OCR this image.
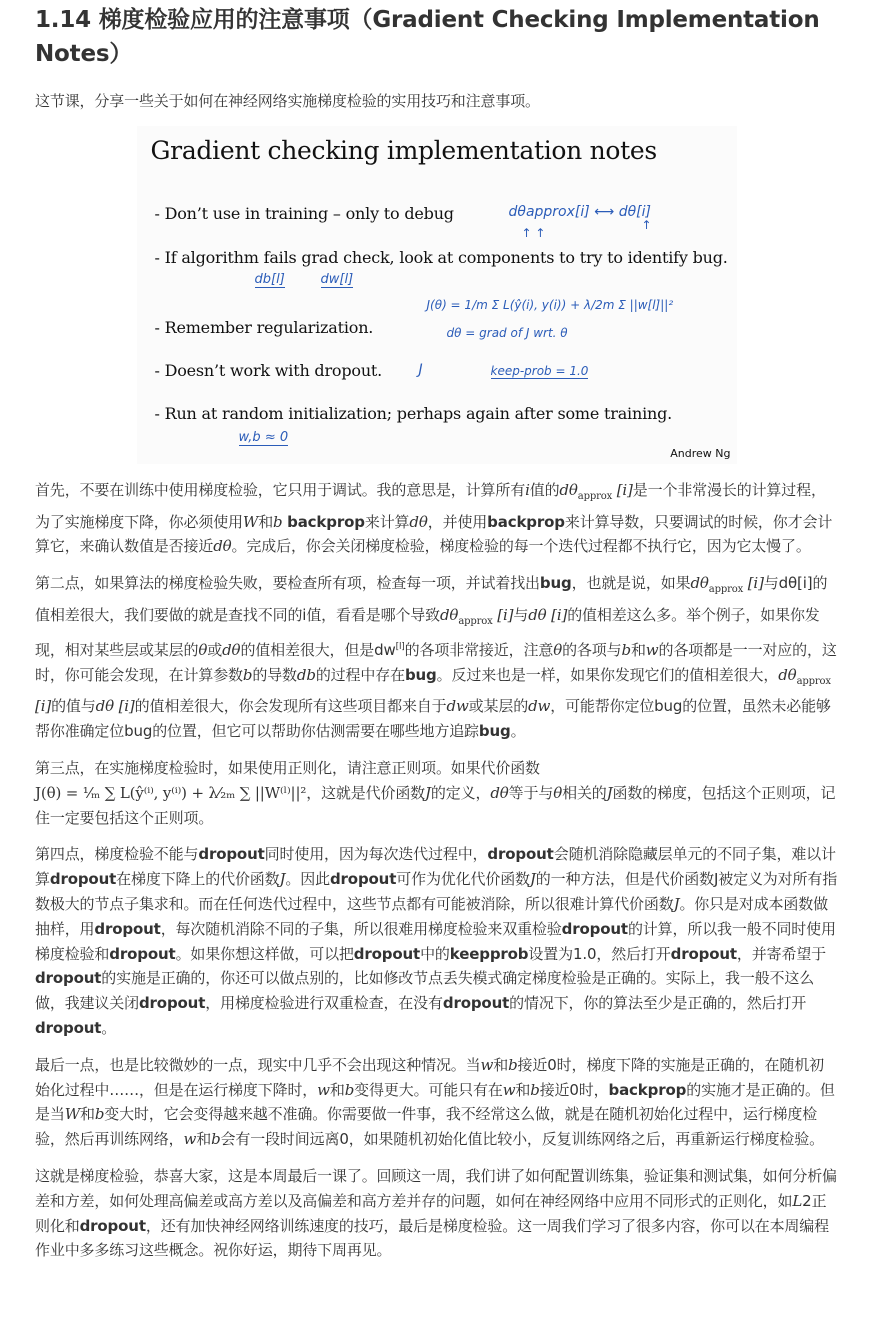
1.14 梯度检验应用的注意事项（Gradient Checking Implementation Notes）

这节课，分享一些关于如何在神经网络实施梯度检验的实用技巧和注意事项。

Gradient checking implementation notes
- Don’t use in training – only to debug
- If algorithm fails grad check, look at components to try to identify bug.
- Remember regularization.
- Doesn’t work with dropout.
- Run at random initialization; perhaps again after some training.
dθapprox[i] ⟷ dθ[i]
↑ ↑
↑
db[l]	dw[l]
J(θ) = 1/m Σ L(ŷ(i), y(i)) + λ/2m Σ ||w[l]||²
dθ = grad of J wrt. θ
J	keep-prob = 1.0
w,b ≈ 0
Andrew Ng

首先，不要在训练中使用梯度检验，它只用于调试。我的意思是，计算所有i值的$d\theta_{approx}$ [i]是一个非常漫长的计算过程，为了实施梯度下降，你必须使用W和b backprop来计算dθ，并使用backprop来计算导数，只要调试的时候，你才会计算它，来确认数值是否接近dθ。完成后，你会关闭梯度检验，梯度检验的每一个迭代过程都不执行它，因为它太慢了。

第二点，如果算法的梯度检验失败，要检查所有项，检查每一项，并试着找出bug，也就是说，如果$d\theta_{approx}$ [i]与dθ[i]的值相差很大，我们要做的就是查找不同的i值，看看是哪个导致$d\theta_{approx}$ [i]与dθ [i]的值相差这么多。举个例子，如果你发现，相对某些层或某层的θ或dθ的值相差很大，但是dw[l]的各项非常接近，注意θ的各项与b和w的各项都是一一对应的，这时，你可能会发现，在计算参数b的导数db的过程中存在bug。反过来也是一样，如果你发现它们的值相差很大，$d\theta_{approx}$ [i]的值与dθ [i]的值相差很大，你会发现所有这些项目都来自于dw或某层的dw，可能帮你定位bug的位置，虽然未必能够帮你准确定位bug的位置，但它可以帮助你估测需要在哪些地方追踪bug。

第三点，在实施梯度检验时，如果使用正则化，请注意正则项。如果代价函数
J(θ) = ¹⁄ₘ ∑ L(ŷ⁽ⁱ⁾, y⁽ⁱ⁾) + λ⁄₂ₘ ∑ ||W⁽ˡ⁾||²，这就是代价函数J的定义，dθ等于与θ相关的J函数的梯度，包括这个正则项，记住一定要包括这个正则项。

第四点，梯度检验不能与dropout同时使用，因为每次迭代过程中，dropout会随机消除隐藏层单元的不同子集，难以计算dropout在梯度下降上的代价函数J。因此dropout可作为优化代价函数J的一种方法，但是代价函数J被定义为对所有指数极大的节点子集求和。而在任何迭代过程中，这些节点都有可能被消除，所以很难计算代价函数J。你只是对成本函数做抽样，用dropout，每次随机消除不同的子集，所以很难用梯度检验来双重检验dropout的计算，所以我一般不同时使用梯度检验和dropout。如果你想这样做，可以把dropout中的keepprob设置为1.0，然后打开dropout，并寄希望于dropout的实施是正确的，你还可以做点别的，比如修改节点丢失模式确定梯度检验是正确的。实际上，我一般不这么做，我建议关闭dropout，用梯度检验进行双重检查，在没有dropout的情况下，你的算法至少是正确的，然后打开dropout。

最后一点，也是比较微妙的一点，现实中几乎不会出现这种情况。当w和b接近0时，梯度下降的实施是正确的，在随机初始化过程中……，但是在运行梯度下降时，w和b变得更大。可能只有在w和b接近0时，backprop的实施才是正确的。但是当W和b变大时，它会变得越来越不准确。你需要做一件事，我不经常这么做，就是在随机初始化过程中，运行梯度检验，然后再训练网络，w和b会有一段时间远离0，如果随机初始化值比较小，反复训练网络之后，再重新运行梯度检验。

这就是梯度检验，恭喜大家，这是本周最后一课了。回顾这一周，我们讲了如何配置训练集，验证集和测试集，如何分析偏差和方差，如何处理高偏差或高方差以及高偏差和高方差并存的问题，如何在神经网络中应用不同形式的正则化，如L2正则化和dropout，还有加快神经网络训练速度的技巧，最后是梯度检验。这一周我们学习了很多内容，你可以在本周编程作业中多多练习这些概念。祝你好运，期待下周再见。
